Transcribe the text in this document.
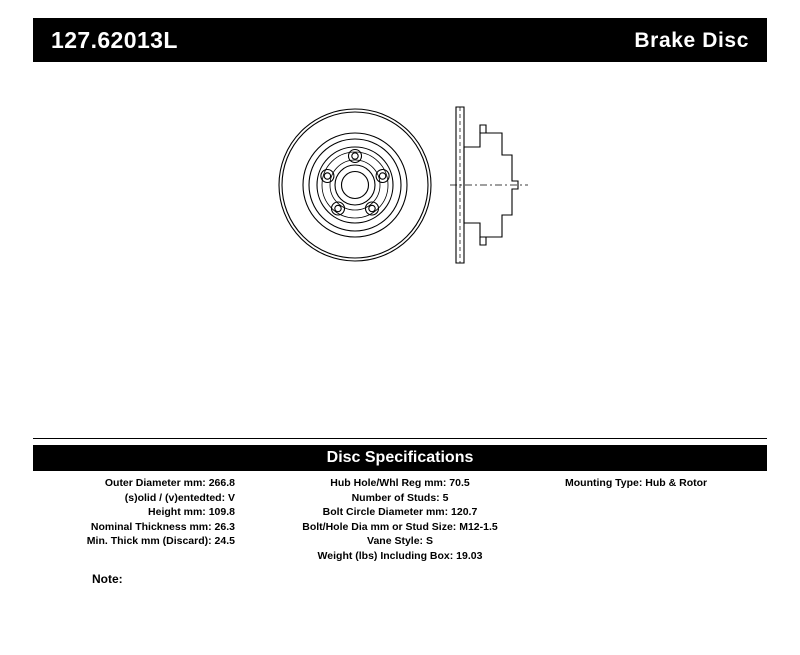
127.62013L	Brake Disc
Disc Specifications
Outer Diameter mm: 266.8
(s)olid / (v)entedted: V
Height mm: 109.8
Nominal Thickness mm: 26.3
Min. Thick mm (Discard): 24.5
Hub Hole/Whl Reg mm: 70.5
Number of Studs: 5
Bolt Circle Diameter mm: 120.7
Bolt/Hole Dia mm or Stud Size: M12-1.5
Vane Style: S
Weight (lbs) Including Box: 19.03
Mounting Type: Hub & Rotor
Note:
